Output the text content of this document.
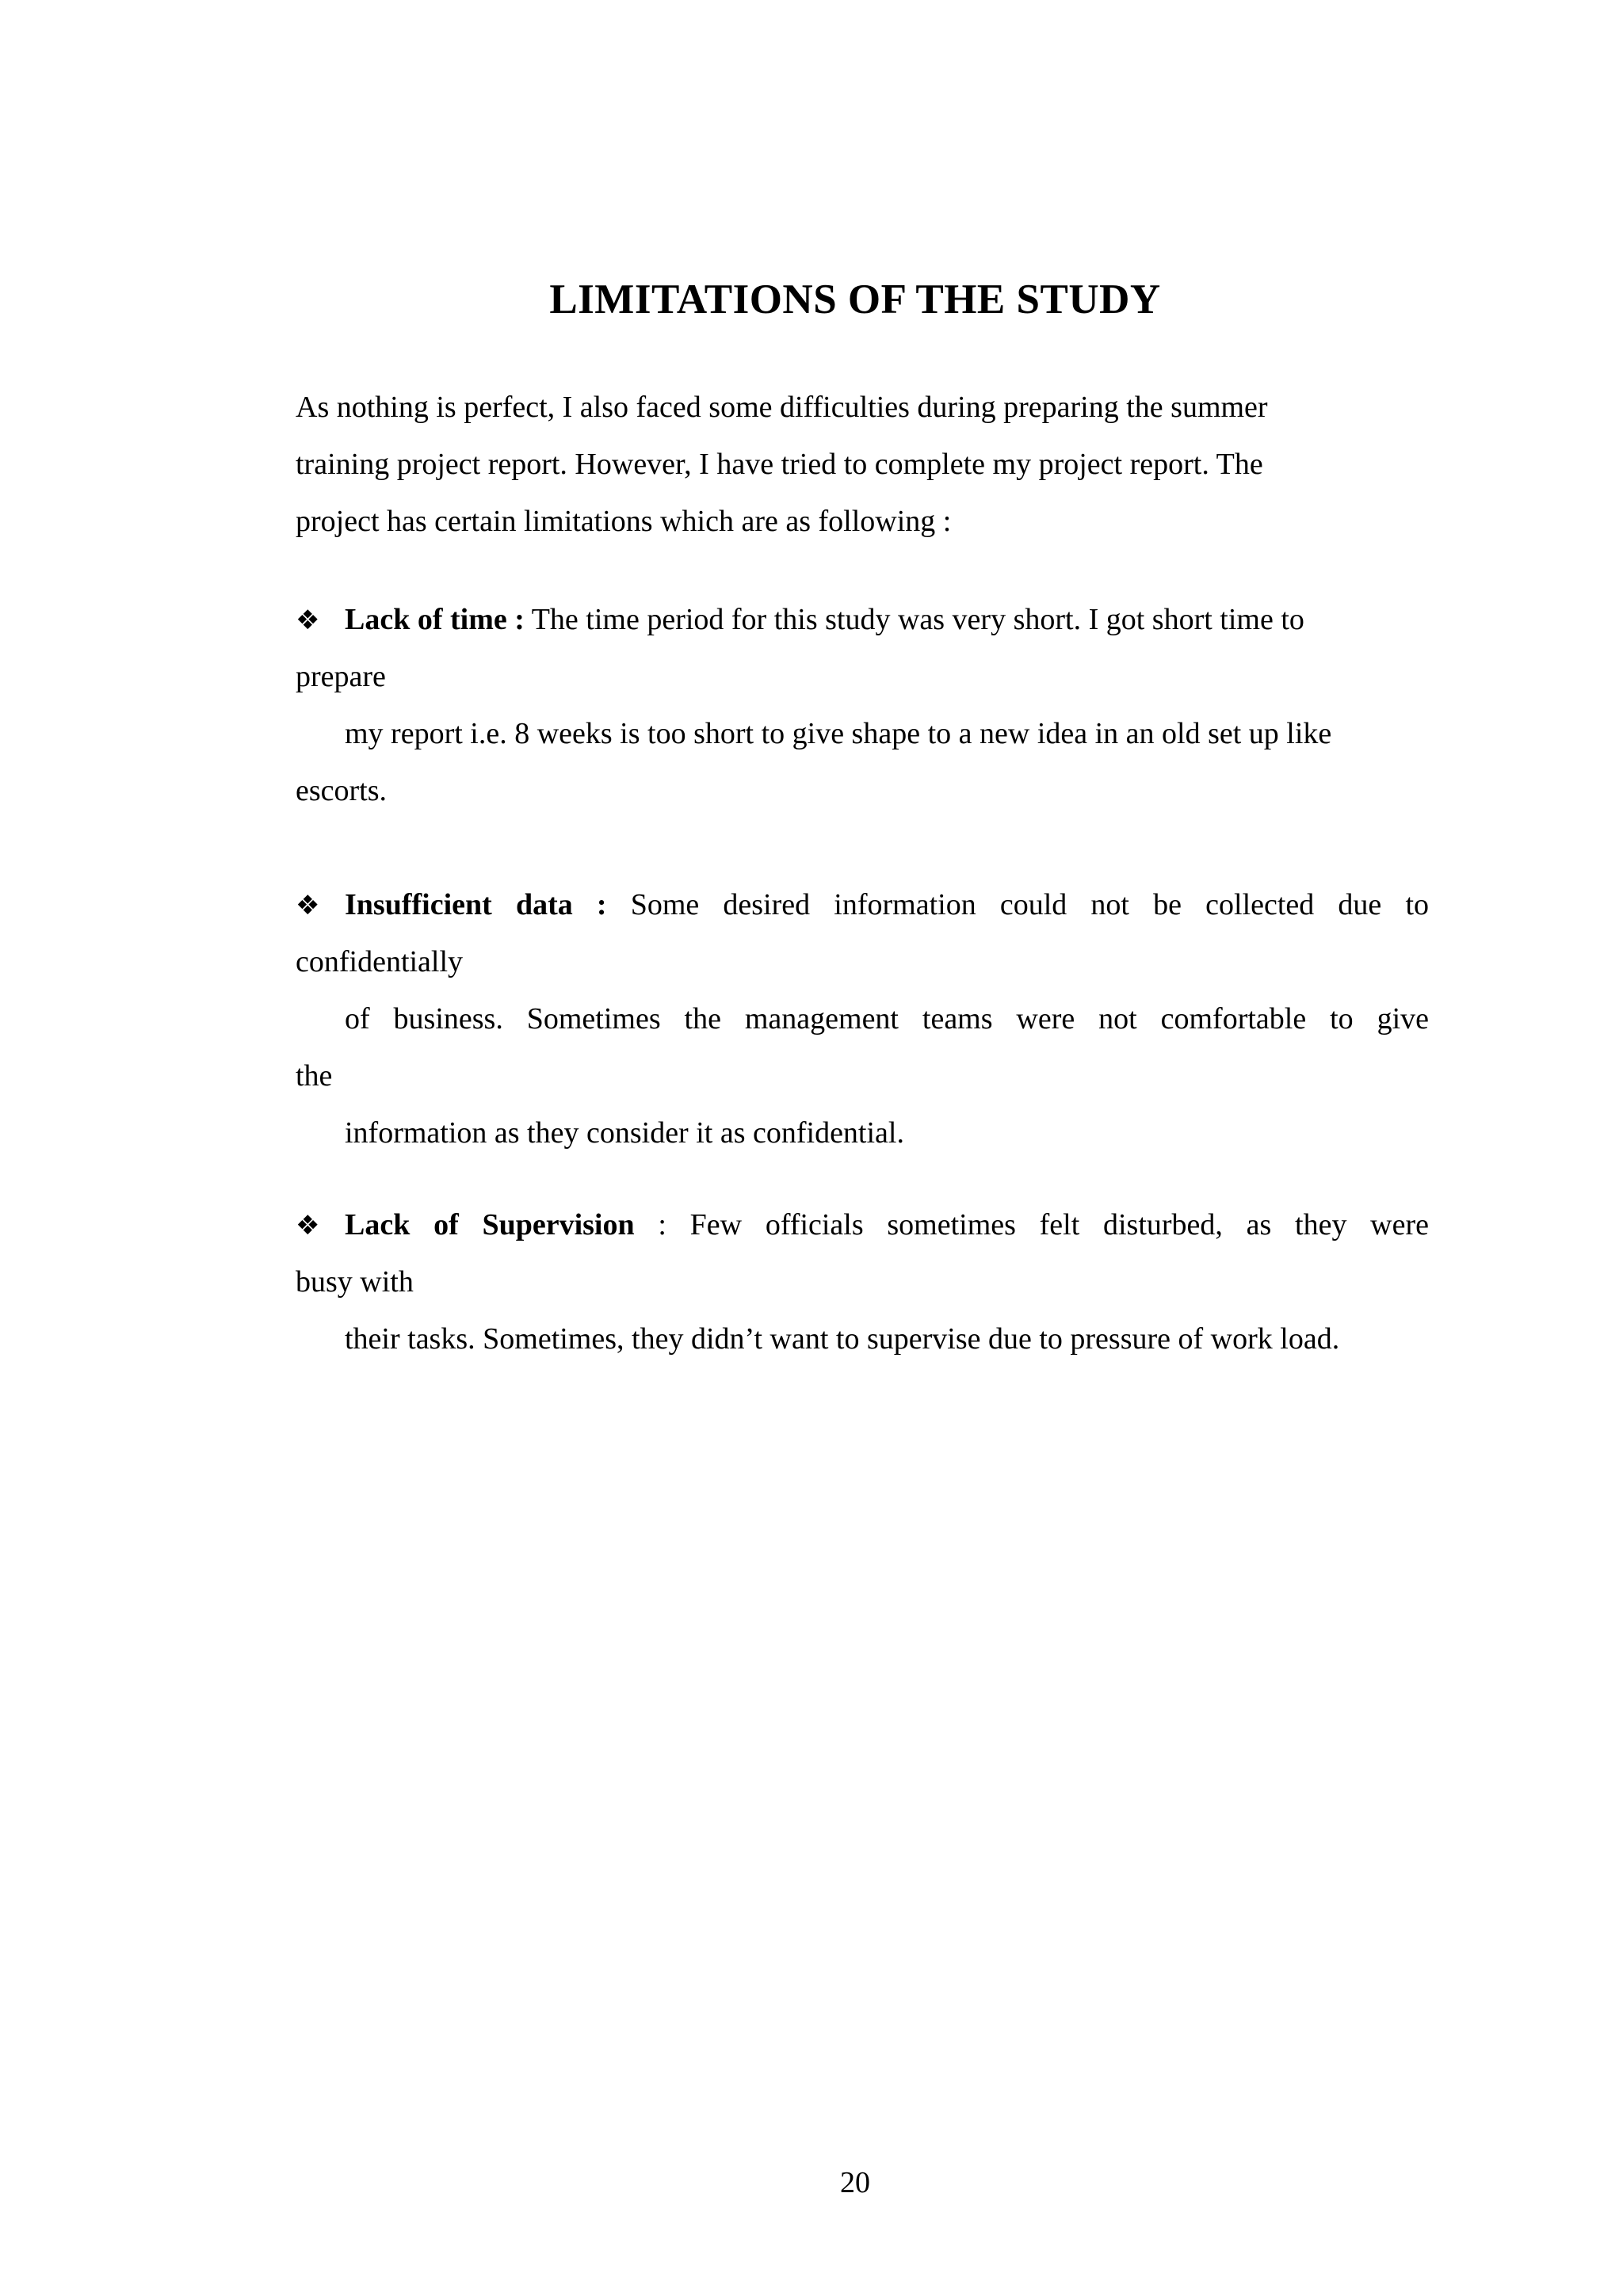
LIMITATIONS OF THE STUDY
As nothing is perfect, I also faced some difficulties during preparing the summer
training project report. However, I have tried to complete my project report. The
project has certain limitations which are as following :
❖ Lack of time : The time period for this study was very short. I got short time to
prepare
my report i.e. 8 weeks is too short to give shape to a new idea in an old set up like
escorts.
❖ Insufficient data : Some desired information could not be collected due to
confidentially
of business. Sometimes the management teams were not comfortable to give
the
information as they consider it as confidential.
❖ Lack of Supervision : Few officials sometimes felt disturbed, as they were
busy with
their tasks. Sometimes, they didn’t want to supervise due to pressure of work load.
20
